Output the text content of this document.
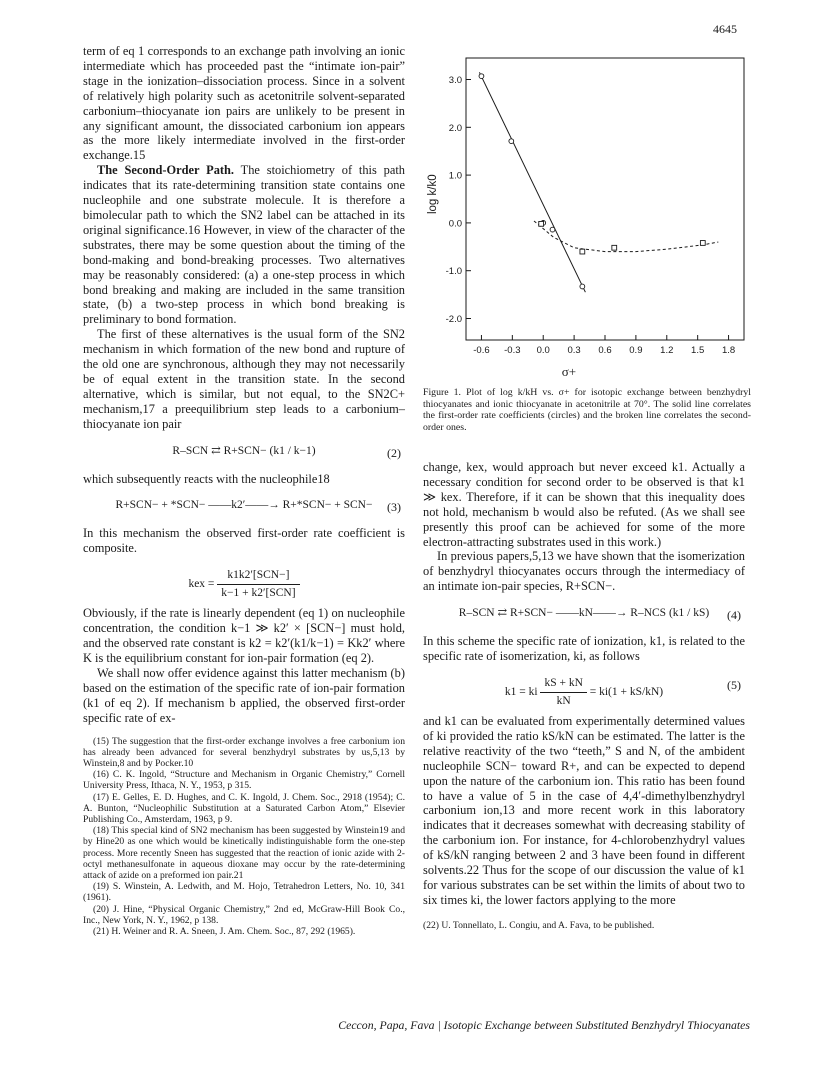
4645

term of eq 1 corresponds to an exchange path involving an ionic intermediate which has proceeded past the “intimate ion-pair” stage in the ionization–dissociation process. Since in a solvent of relatively high polarity such as acetonitrile solvent-separated carbonium–thiocyanate ion pairs are unlikely to be present in any significant amount, the dissociated carbonium ion appears as the more likely intermediate involved in the first-order exchange.15

The Second-Order Path. The stoichiometry of this path indicates that its rate-determining transition state contains one nucleophile and one substrate molecule. It is therefore a bimolecular path to which the SN2 label can be attached in its original significance.16 However, in view of the character of the substrates, there may be some question about the timing of the bond-making and bond-breaking processes. Two alternatives may be reasonably considered: (a) a one-step process in which bond breaking and making are included in the same transition state, (b) a two-step process in which bond breaking is preliminary to bond formation.

The first of these alternatives is the usual form of the SN2 mechanism in which formation of the new bond and rupture of the old one are synchronous, although they may not necessarily be of equal extent in the transition state. In the second alternative, which is similar, but not equal, to the SN2C+ mechanism,17 a preequilibrium step leads to a carbonium–thiocyanate ion pair

R–SCN ⇄ R+SCN− (k1 / k−1)	(2)

which subsequently reacts with the nucleophile18

R+SCN− + *SCN− ——k2′——→ R+*SCN− + SCN− (3)

In this mechanism the observed first-order rate coefficient is composite.

kex = $\frac{\text{k1k2′[SCN−]}}{\text{k−1 + k2′[SCN]}}$

Obviously, if the rate is linearly dependent (eq 1) on nucleophile concentration, the condition k−1 ≫ k2′ × [SCN−] must hold, and the observed rate constant is k2 = k2′(k1/k−1) = Kk2′ where K is the equilibrium constant for ion-pair formation (eq 2).

We shall now offer evidence against this latter mechanism (b) based on the estimation of the specific rate of ion-pair formation (k1 of eq 2). If mechanism b applied, the observed first-order specific rate of ex-

(15) The suggestion that the first-order exchange involves a free carbonium ion has already been advanced for several benzhydryl substrates by us,5,13 by Winstein,8 and by Pocker.10

(16) C. K. Ingold, “Structure and Mechanism in Organic Chemistry,” Cornell University Press, Ithaca, N. Y., 1953, p 315.

(17) E. Gelles, E. D. Hughes, and C. K. Ingold, J. Chem. Soc., 2918 (1954); C. A. Bunton, “Nucleophilic Substitution at a Saturated Carbon Atom,” Elsevier Publishing Co., Amsterdam, 1963, p 9.

(18) This special kind of SN2 mechanism has been suggested by Winstein19 and by Hine20 as one which would be kinetically indistinguishable form the one-step process. More recently Sneen has suggested that the reaction of ionic azide with 2-octyl methanesulfonate in aqueous dioxane may occur by the rate-determining attack of azide on a preformed ion pair.21

(19) S. Winstein, A. Ledwith, and M. Hojo, Tetrahedron Letters, No. 10, 341 (1961).

(20) J. Hine, “Physical Organic Chemistry,” 2nd ed, McGraw-Hill Book Co., Inc., New York, N. Y., 1962, p 138.

(21) H. Weiner and R. A. Sneen, J. Am. Chem. Soc., 87, 292 (1965).

-0.6 -0.3 0.0 0.3 0.6 0.9 1.2 1.5 1.8
3.0
2.0
1.0
0.0
-1.0
-2.0
σ+
log k/k0
Figure 1. Plot of log k/kH vs. σ+ for isotopic exchange between benzhydryl thiocyanates and ionic thiocyanate in acetonitrile at 70°. The solid line correlates the first-order rate coefficients (circles) and the broken line correlates the second-order ones.

change, kex, would approach but never exceed k1. Actually a necessary condition for second order to be observed is that k1 ≫ kex. Therefore, if it can be shown that this inequality does not hold, mechanism b would also be refuted. (As we shall see presently this proof can be achieved for some of the more electron-attracting substrates used in this work.)

In previous papers,5,13 we have shown that the isomerization of benzhydryl thiocyanates occurs through the intermediacy of an intimate ion-pair species, R+SCN−.

R–SCN ⇄ R+SCN− ——kN——→ R–NCS (k1 / kS) (4)

In this scheme the specific rate of ionization, k1, is related to the specific rate of isomerization, ki, as follows

k1 = ki $\frac{kS + kN}{kN} = ki(1 + kS/kN)$
(5)

and k1 can be evaluated from experimentally determined values of ki provided the ratio kS/kN can be estimated. The latter is the relative reactivity of the two “teeth,” S and N, of the ambident nucleophile SCN− toward R+, and can be expected to depend upon the nature of the carbonium ion. This ratio has been found to have a value of 5 in the case of 4,4′-dimethylbenzhydryl carbonium ion,13 and more recent work in this laboratory indicates that it decreases somewhat with decreasing stability of the carbonium ion. For instance, for 4-chlorobenzhydryl values of kS/kN ranging between 2 and 3 have been found in different solvents.22 Thus for the scope of our discussion the value of k1 for various substrates can be set within the limits of about two to six times ki, the lower factors applying to the more

(22) U. Tonnellato, L. Congiu, and A. Fava, to be published.
Ceccon, Papa, Fava | Isotopic Exchange between Substituted Benzhydryl Thiocyanates
